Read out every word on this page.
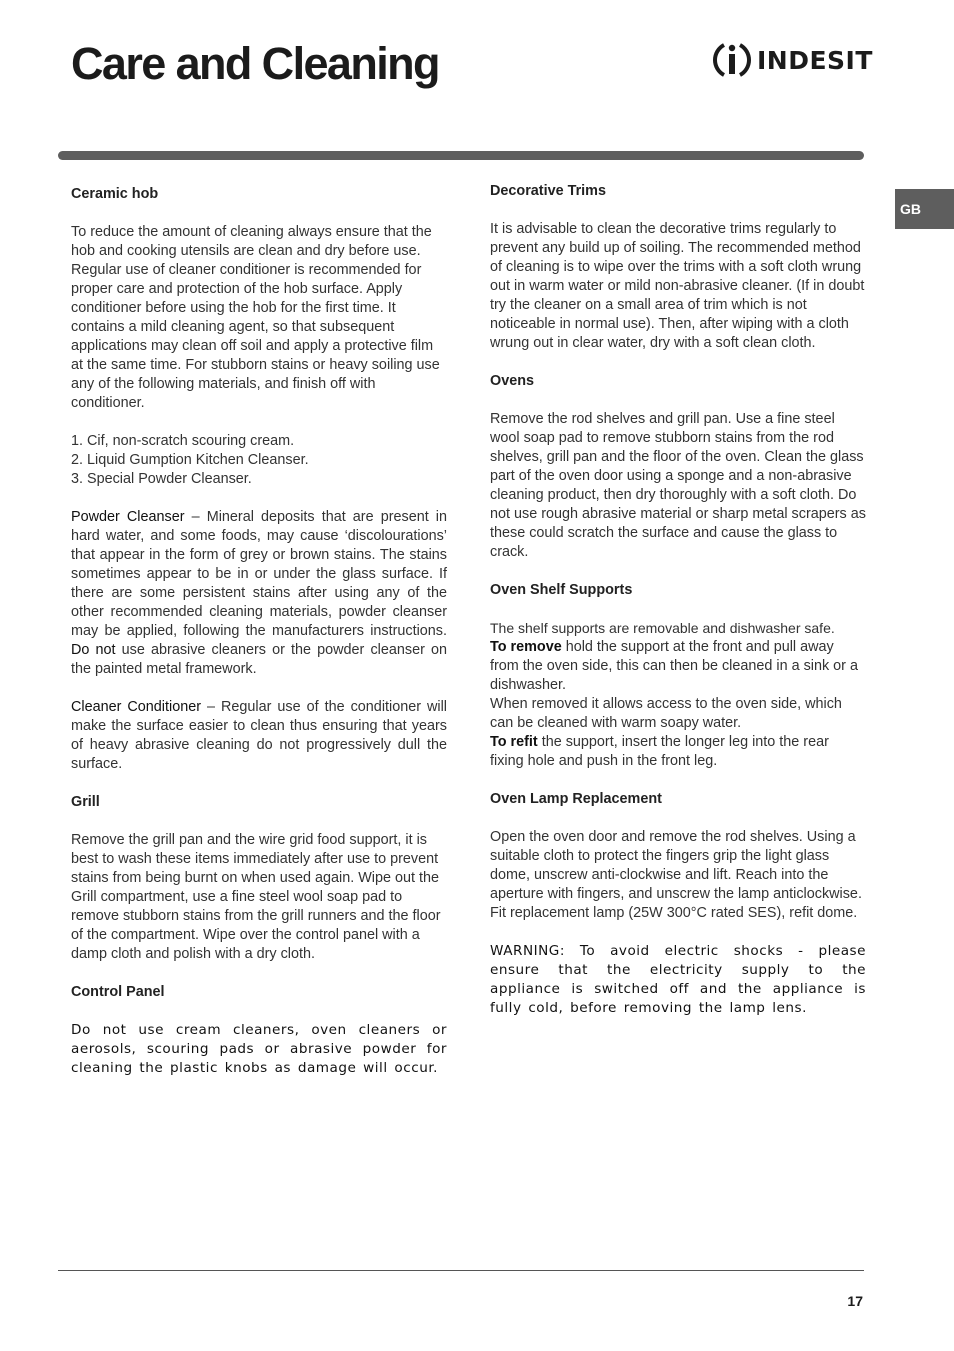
Care and Cleaning	INDESIT
GB
Ceramic hob

To reduce the amount of cleaning always ensure that the hob and cooking utensils are clean and dry before use. Regular use of cleaner conditioner is recommended for proper care and protection of the hob surface. Apply conditioner before using the hob for the first time. It contains a mild cleaning agent, so that subsequent applications may clean off soil and apply a protective film at the same time. For stubborn stains or heavy soiling use any of the following materials, and finish off with conditioner.

1. Cif, non-scratch scouring cream.
2. Liquid Gumption Kitchen Cleanser.
3. Special Powder Cleanser.

Powder Cleanser – Mineral deposits that are present in hard water, and some foods, may cause ‘discolourations’ that appear in the form of grey or brown stains. The stains sometimes appear to be in or under the glass surface. If there are some persistent stains after using any of the other recommended cleaning materials, powder cleanser may be applied, following the manufacturers instructions. Do not use abrasive cleaners or the powder cleanser on the painted metal framework.

Cleaner Conditioner – Regular use of the conditioner will make the surface easier to clean thus ensuring that years of heavy abrasive cleaning do not progressively dull the surface.

Grill

Remove the grill pan and the wire grid food support, it is best to wash these items immediately after use to prevent stains from being burnt on when used again. Wipe out the Grill compartment, use a fine steel wool soap pad to remove stubborn stains from the grill runners and the floor of the compartment. Wipe over the control panel with a damp cloth and polish with a dry cloth.

Control Panel

Do not use cream cleaners, oven cleaners or aerosols, scouring pads or abrasive powder for cleaning the plastic knobs as damage will occur.

Decorative Trims

It is advisable to clean the decorative trims regularly to prevent any build up of soiling. The recommended method of cleaning is to wipe over the trims with a soft cloth wrung out in warm water or mild non-abrasive cleaner. (If in doubt try the cleaner on a small area of trim which is not noticeable in normal use). Then, after wiping with a cloth wrung out in clear water, dry with a soft clean cloth.

Ovens

Remove the rod shelves and grill pan. Use a fine steel wool soap pad to remove stubborn stains from the rod shelves, grill pan and the floor of the oven. Clean the glass part of the oven door using a sponge and a non-abrasive cleaning product, then dry thoroughly with a soft cloth. Do not use rough abrasive material or sharp metal scrapers as these could scratch the surface and cause the glass to crack.

Oven Shelf Supports

The shelf supports are removable and dishwasher safe.

To remove hold the support at the front and pull away from the oven side, this can then be cleaned in a sink or a dishwasher.

When removed it allows access to the oven side, which can be cleaned with warm soapy water.

To refit the support, insert the longer leg into the rear fixing hole and push in the front leg.

Oven Lamp Replacement

Open the oven door and remove the rod shelves. Using a suitable cloth to protect the fingers grip the light glass dome, unscrew anti-clockwise and lift. Reach into the aperture with fingers, and unscrew the lamp anticlockwise. Fit replacement lamp (25W 300°C rated SES), refit dome.

WARNING: To avoid electric shocks - please ensure that the electricity supply to the appliance is switched off and the appliance is fully cold, before removing the lamp lens.

17
